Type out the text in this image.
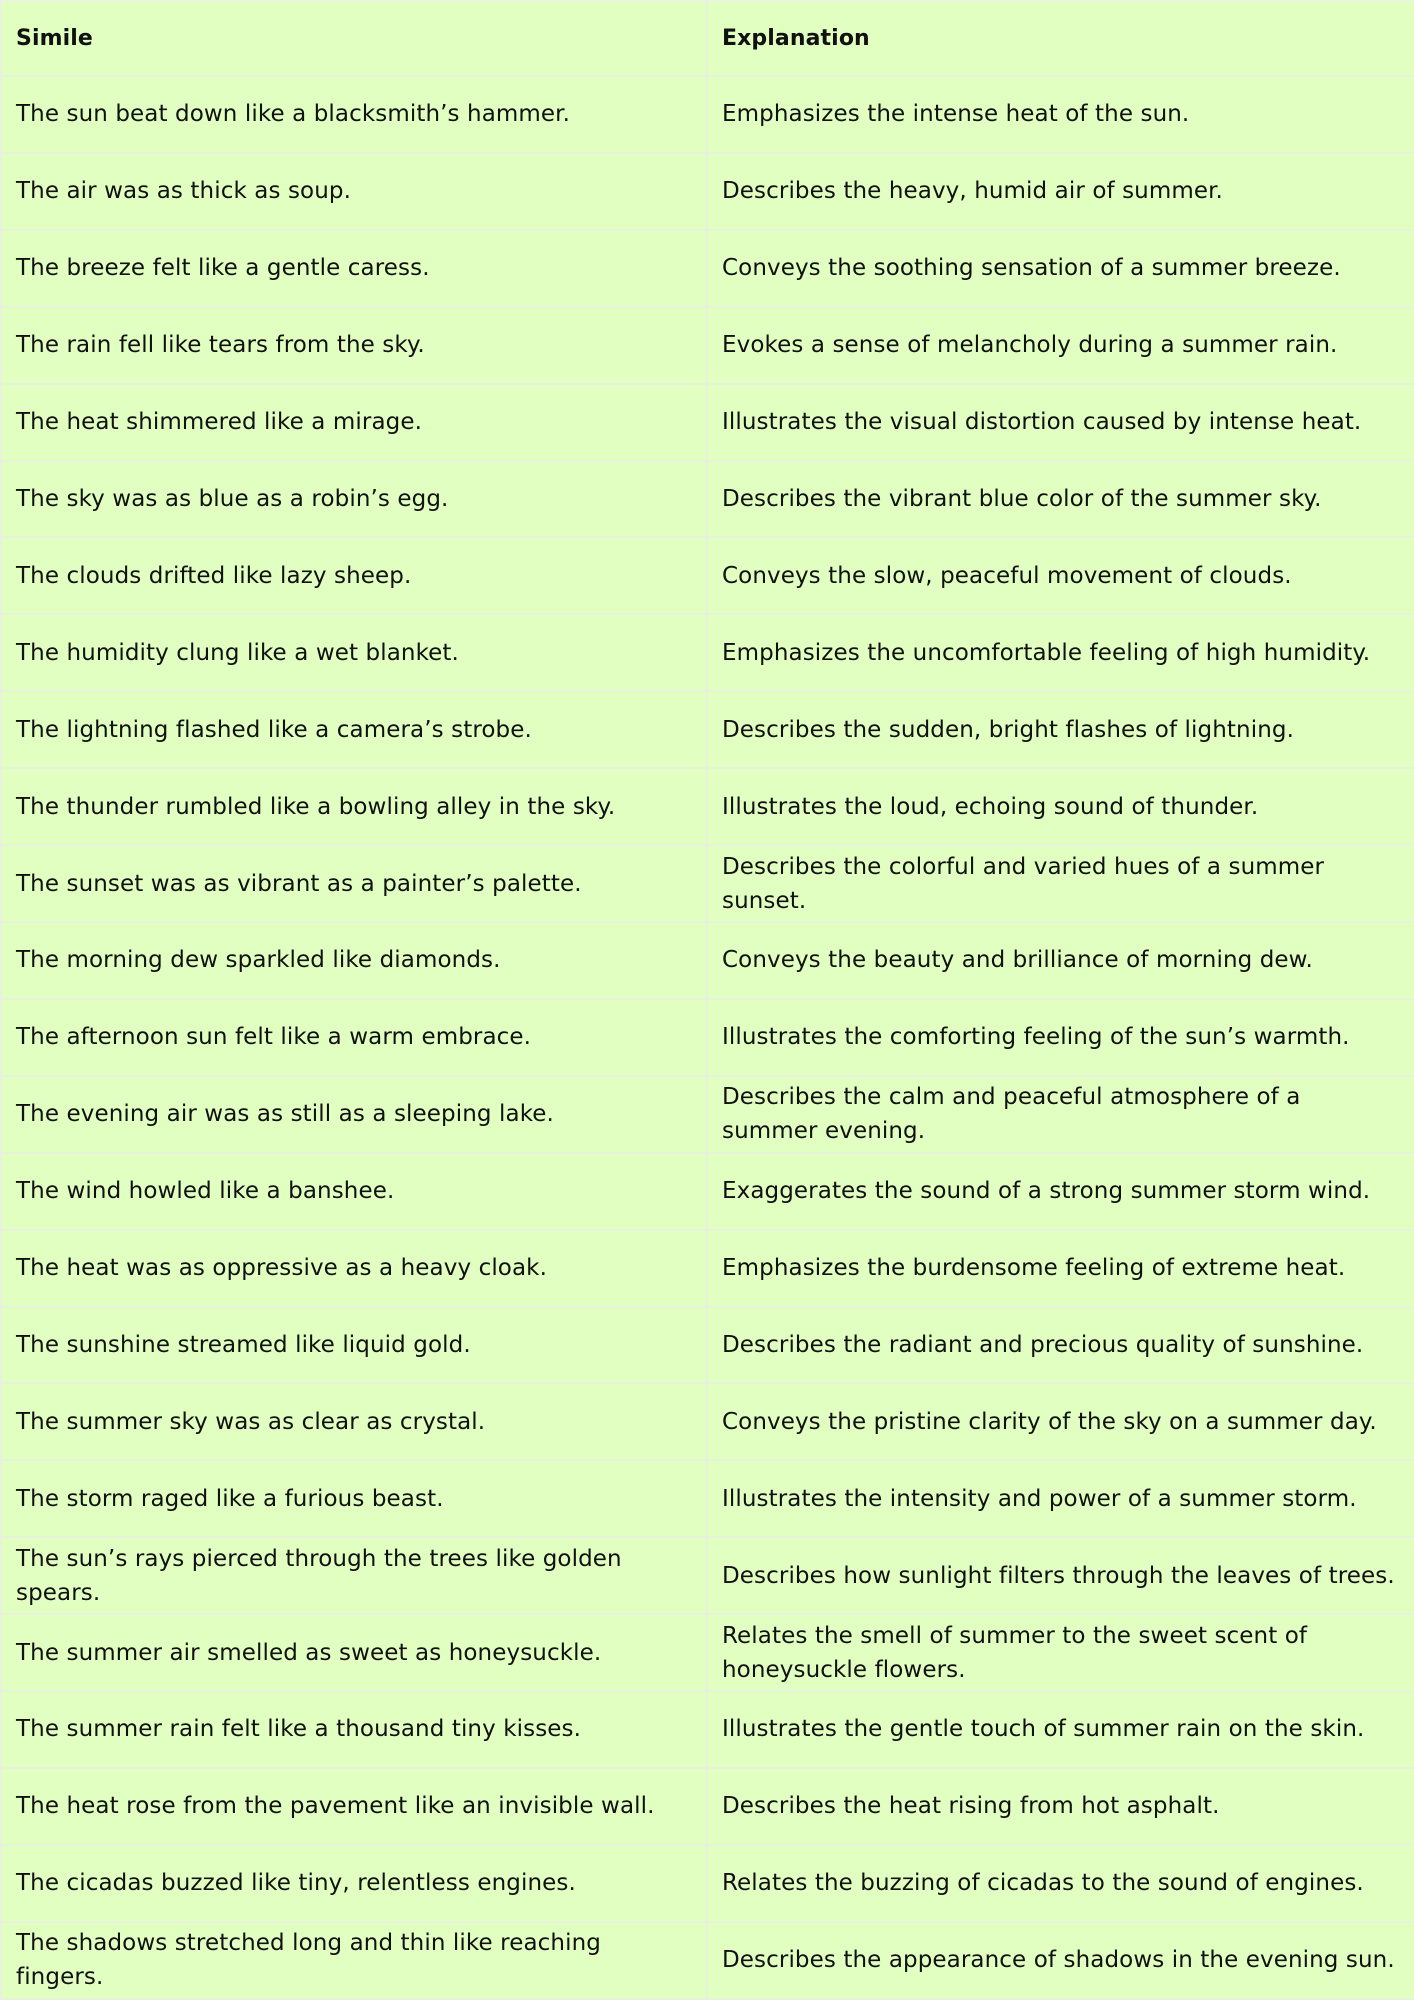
Simile	Explanation
The sun beat down like a blacksmith’s hammer.	Emphasizes the intense heat of the sun.
The air was as thick as soup.	Describes the heavy, humid air of summer.
The breeze felt like a gentle caress.	Conveys the soothing sensation of a summer breeze.
The rain fell like tears from the sky.	Evokes a sense of melancholy during a summer rain.
The heat shimmered like a mirage.	Illustrates the visual distortion caused by intense heat.
The sky was as blue as a robin’s egg.	Describes the vibrant blue color of the summer sky.
The clouds drifted like lazy sheep.	Conveys the slow, peaceful movement of clouds.
The humidity clung like a wet blanket.	Emphasizes the uncomfortable feeling of high humidity.
The lightning flashed like a camera’s strobe.	Describes the sudden, bright flashes of lightning.
The thunder rumbled like a bowling alley in the sky.	Illustrates the loud, echoing sound of thunder.
The sunset was as vibrant as a painter’s palette.	Describes the colorful and varied hues of a summer sunset.
The morning dew sparkled like diamonds.	Conveys the beauty and brilliance of morning dew.
The afternoon sun felt like a warm embrace.	Illustrates the comforting feeling of the sun’s warmth.
The evening air was as still as a sleeping lake.	Describes the calm and peaceful atmosphere of a summer evening.
The wind howled like a banshee.	Exaggerates the sound of a strong summer storm wind.
The heat was as oppressive as a heavy cloak.	Emphasizes the burdensome feeling of extreme heat.
The sunshine streamed like liquid gold.	Describes the radiant and precious quality of sunshine.
The summer sky was as clear as crystal.	Conveys the pristine clarity of the sky on a summer day.
The storm raged like a furious beast.	Illustrates the intensity and power of a summer storm.
The sun’s rays pierced through the trees like golden spears.	Describes how sunlight filters through the leaves of trees.
The summer air smelled as sweet as honeysuckle.	Relates the smell of summer to the sweet scent of honeysuckle flowers.
The summer rain felt like a thousand tiny kisses.	Illustrates the gentle touch of summer rain on the skin.
The heat rose from the pavement like an invisible wall.	Describes the heat rising from hot asphalt.
The cicadas buzzed like tiny, relentless engines.	Relates the buzzing of cicadas to the sound of engines.
The shadows stretched long and thin like reaching fingers.	Describes the appearance of shadows in the evening sun.
